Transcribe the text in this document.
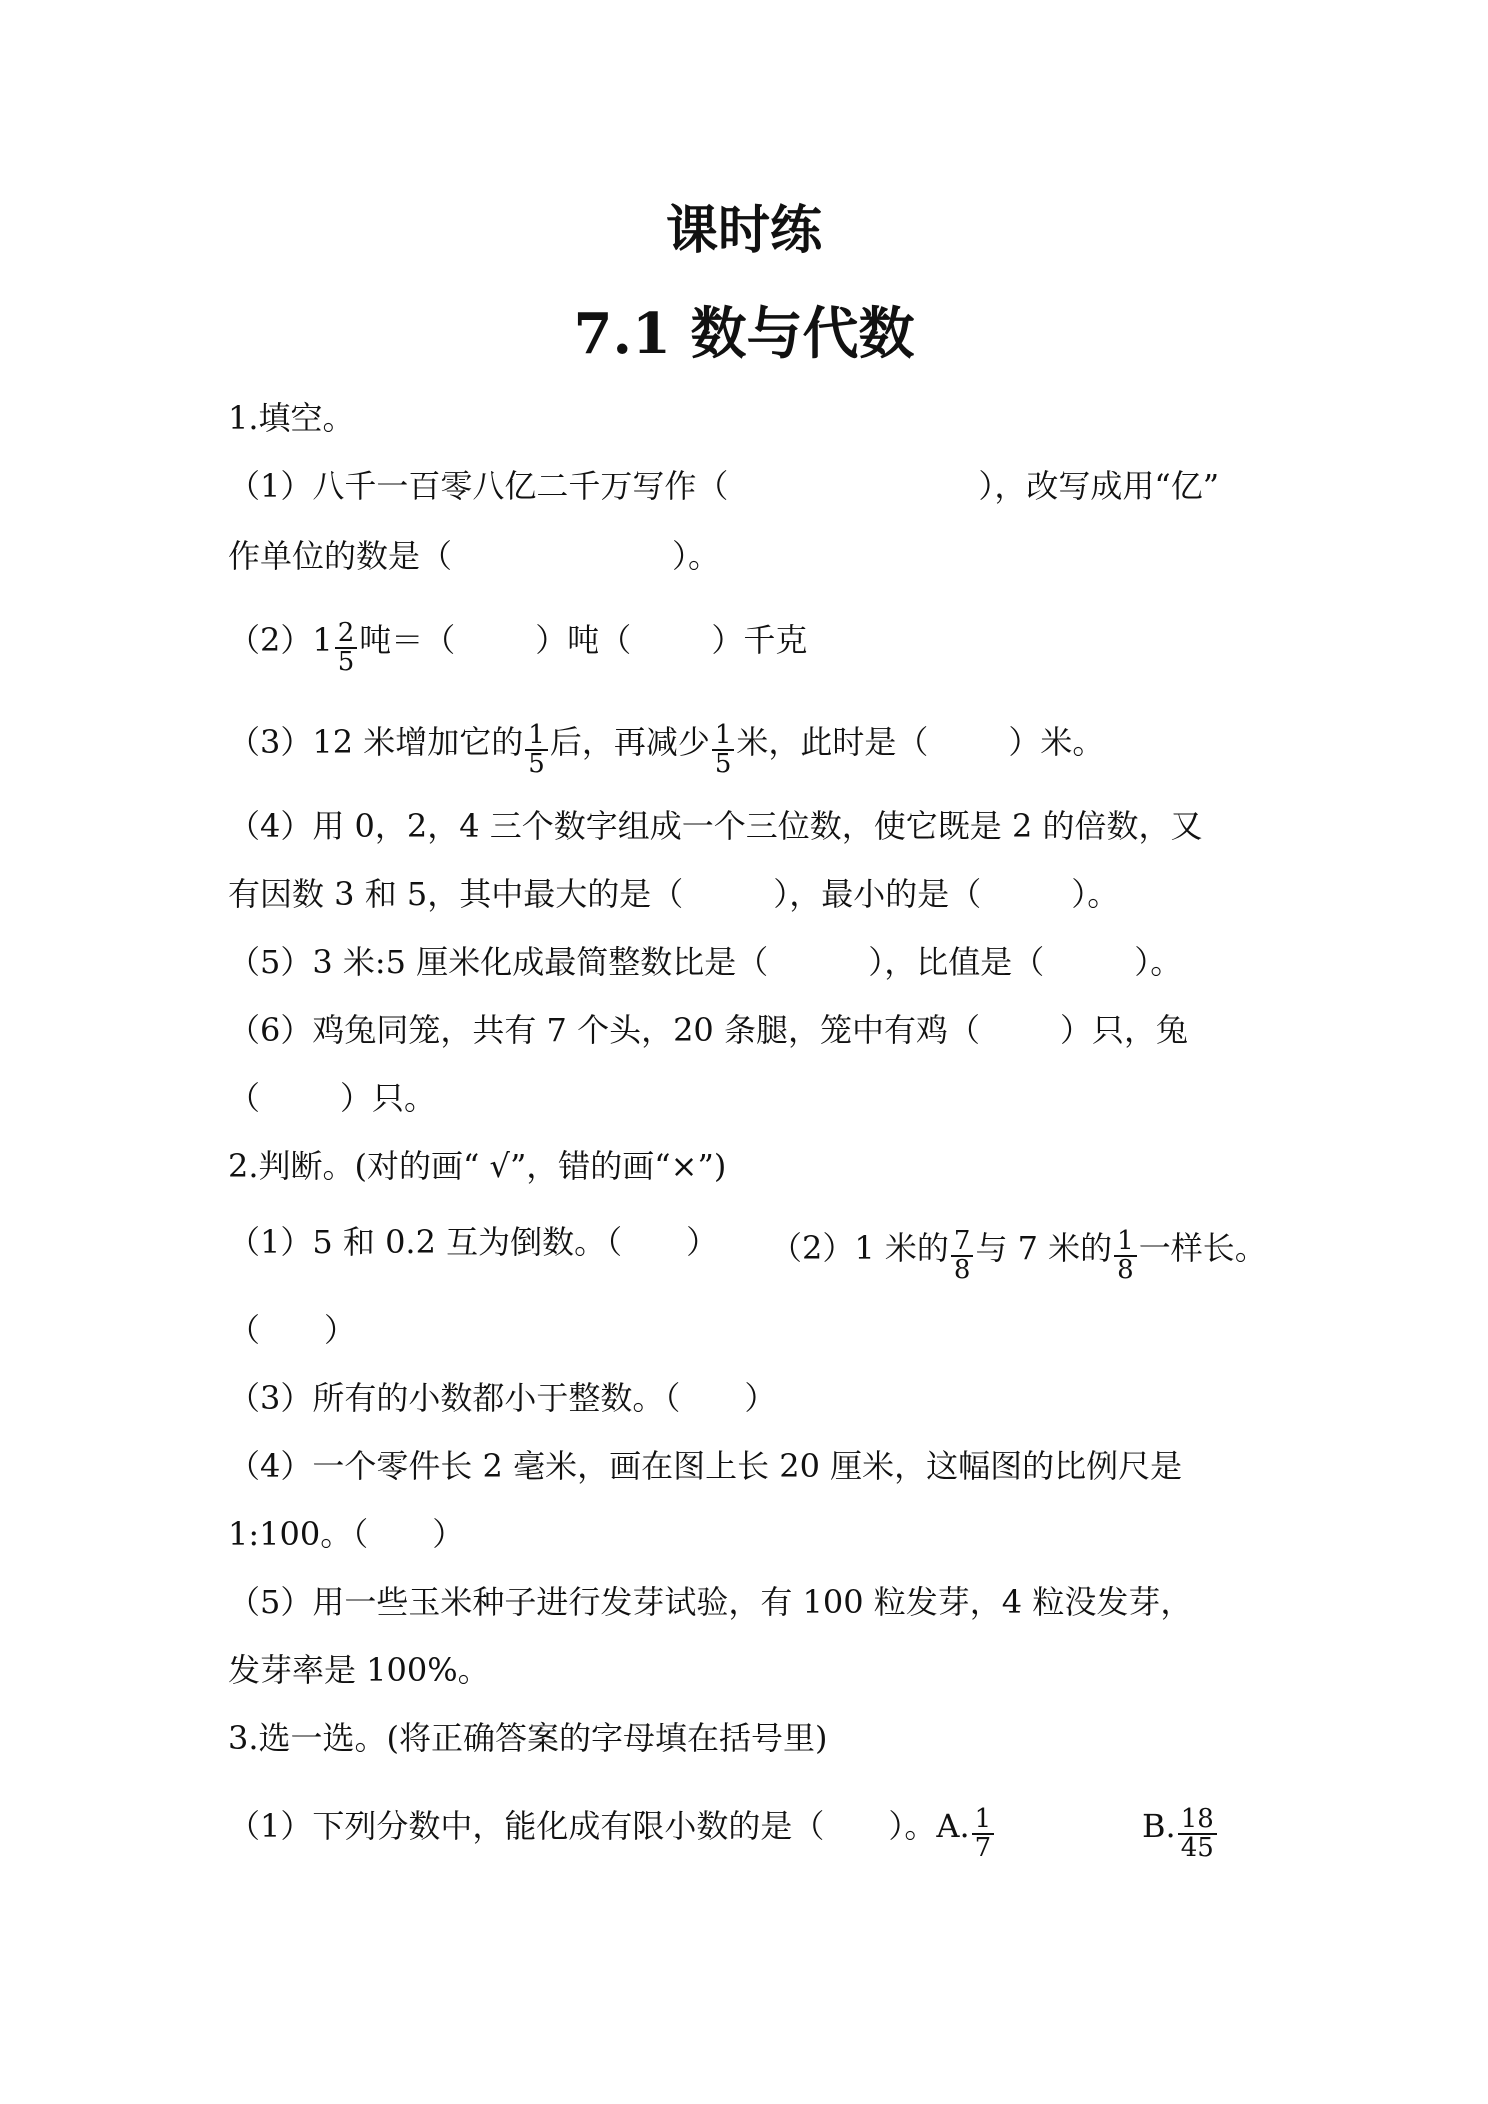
课时练
7.1 数与代数
1.填空。
（1）八千一百零八亿二千万写作（	），改写成用“亿”
作单位的数是（	）。
$(2)1 \frac{2}{5}$ 吨＝（	）吨（	）千克
（3）12 米增加它的 $\frac{1}{5}$ 后，再减少 $\frac{1}{5}$ 米，此时是（	）米。
（4）用 0，2，4 三个数字组成一个三位数，使它既是 2 的倍数，又
有因数 3 和 5，其中最大的是（	），最小的是（	）。
（5）3 米:5 厘米化成最简整数比是（	），比值是（	）。
（6）鸡兔同笼，共有 7 个头，20 条腿，笼中有鸡（	）只，兔
（	）只。
2.判断。(对的画“ √”，错的画“×”)
（1）5 和 0.2 互为倒数。（　　） （2）1 米的 $\frac{7}{8}$ 与 7 米的 $\frac{1}{8}$ 一样长。
（　　）
（3）所有的小数都小于整数。（　　）
（4）一个零件长 2 毫米，画在图上长 20 厘米，这幅图的比例尺是
1:100。（　　）
（5）用一些玉米种子进行发芽试验，有 100 粒发芽，4 粒没发芽，
发芽率是 100%。
3.选一选。(将正确答案的字母填在括号里)
（1）下列分数中，能化成有限小数的是（　　）。A. $\frac{1}{7}$	B. $\frac{18}{45}$
